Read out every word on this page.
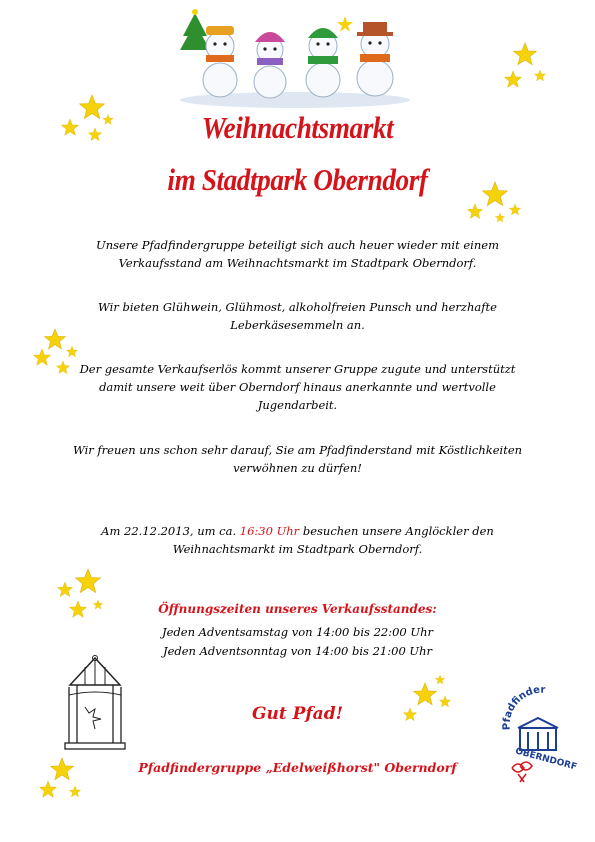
Weihnachtsmarkt
im Stadtpark Oberndorf
Unsere Pfadfindergruppe beteiligt sich auch heuer wieder mit einem Verkaufsstand am Weihnachtsmarkt im Stadtpark Oberndorf.
Wir bieten Glühwein, Glühmost, alkoholfreien Punsch und herzhafte Leberkäsesemmeln an.
Der gesamte Verkaufserlös kommt unserer Gruppe zugute und unterstützt damit unsere weit über Oberndorf hinaus anerkannte und wertvolle Jugendarbeit.
Wir freuen uns schon sehr darauf, Sie am Pfadfinderstand mit Köstlichkeiten verwöhnen zu dürfen!
Am 22.12.2013, um ca. 16:30 Uhr besuchen unsere Anglöckler den Weihnachtsmarkt im Stadtpark Oberndorf.
Öffnungszeiten unseres Verkaufsstandes:
Jeden Adventsamstag von 14:00 bis 22:00 Uhr
Jeden Adventsonntag von 14:00 bis 21:00 Uhr
Gut Pfad!
Pfadfindergruppe „Edelweißhorst" Oberndorf
Pfadfinder
OBERNDORF
